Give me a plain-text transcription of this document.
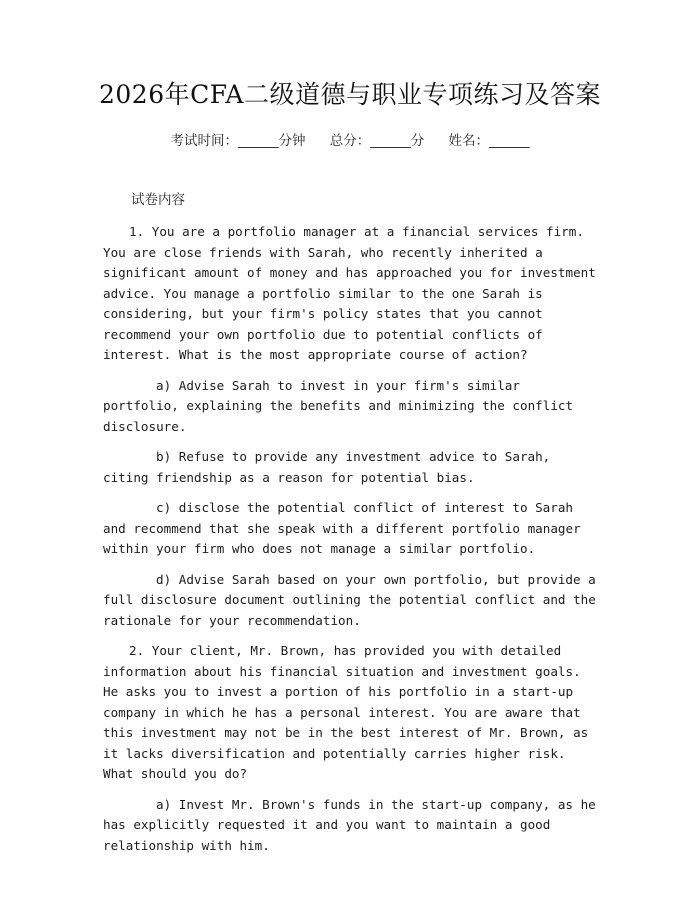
2026年CFA二级道德与职业专项练习及答案
考试时间：______分钟 总分：______分 姓名：______
试卷内容

1. You are a portfolio manager at a financial services firm. You are close friends with Sarah, who recently inherited a significant amount of money and has approached you for investment advice. You manage a portfolio similar to the one Sarah is considering, but your firm's policy states that you cannot recommend your own portfolio due to potential conflicts of interest. What is the most appropriate course of action?

a) Advise Sarah to invest in your firm's similar portfolio, explaining the benefits and minimizing the conflict disclosure.

b) Refuse to provide any investment advice to Sarah, citing friendship as a reason for potential bias.

c) disclose the potential conflict of interest to Sarah and recommend that she speak with a different portfolio manager within your firm who does not manage a similar portfolio.

d) Advise Sarah based on your own portfolio, but provide a full disclosure document outlining the potential conflict and the rationale for your recommendation.

2. Your client, Mr. Brown, has provided you with detailed information about his financial situation and investment goals. He asks you to invest a portion of his portfolio in a start-up company in which he has a personal interest. You are aware that this investment may not be in the best interest of Mr. Brown, as it lacks diversification and potentially carries higher risk. What should you do?

a) Invest Mr. Brown's funds in the start-up company, as he has explicitly requested it and you want to maintain a good relationship with him.
